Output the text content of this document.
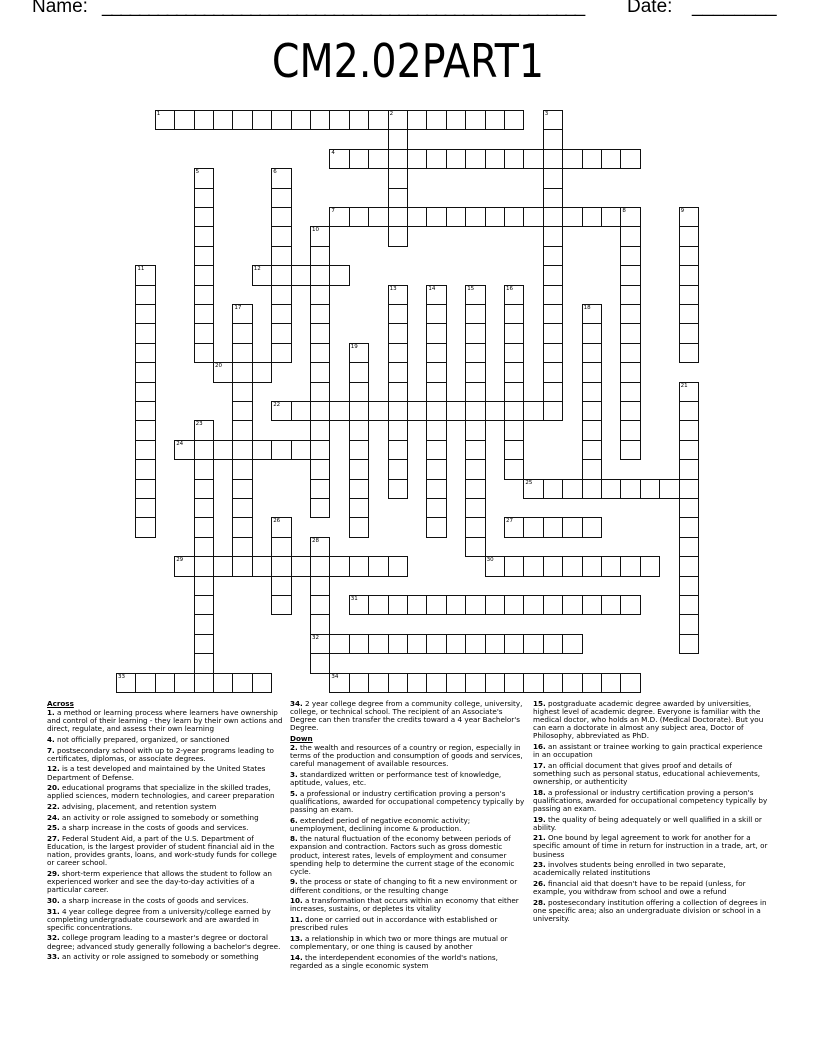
Name: ____________________________________________________ Date: ________
CM2.02PART1
1	2	3
4
5	6
7	8	9
10
11	12
13	14	15	16
17	18
19
20
21
22
23
24
25
26	27
28
32
29	30
31
33	34
Across
1. a method or learning process where learners have ownership and control of their learning - they learn by their own actions and direct, regulate, and assess their own learning
4. not officially prepared, organized, or sanctioned
7. postsecondary school with up to 2-year programs leading to certificates, diplomas, or associate degrees.
12. is a test developed and maintained by the United States Department of Defense.
20. educational programs that specialize in the skilled trades, applied sciences, modern technologies, and career preparation
22. advising, placement, and retention system
24. an activity or role assigned to somebody or something
25. a sharp increase in the costs of goods and services.
27. Federal Student Aid, a part of the U.S. Department of Education, is the largest provider of student financial aid in the nation, provides grants, loans, and work-study funds for college or career school.
29. short-term experience that allows the student to follow an experienced worker and see the day-to-day activities of a particular career.
30. a sharp increase in the costs of goods and services.
31. 4 year college degree from a university/college earned by completing undergraduate coursework and are awarded in specific concentrations.
32. college program leading to a master's degree or doctoral degree; advanced study generally following a bachelor's degree.
33. an activity or role assigned to somebody or something
34. 2 year college degree from a community college, university, college, or technical school. The recipient of an Associate's Degree can then transfer the credits toward a 4 year Bachelor's Degree.
Down
2. the wealth and resources of a country or region, especially in terms of the production and consumption of goods and services, careful management of available resources.
3. standardized written or performance test of knowledge, aptitude, values, etc.
5. a professional or industry certification proving a person's qualifications, awarded for occupational competency typically by passing an exam.
6. extended period of negative economic activity; unemployment, declining income & production.
8. the natural fluctuation of the economy between periods of expansion and contraction. Factors such as gross domestic product, interest rates, levels of employment and consumer spending help to determine the current stage of the economic cycle.
9. the process or state of changing to fit a new environment or different conditions, or the resulting change
10. a transformation that occurs within an economy that either increases, sustains, or depletes its vitality
11. done or carried out in accordance with established or prescribed rules
13. a relationship in which two or more things are mutual or complementary, or one thing is caused by another
14. the interdependent economies of the world's nations, regarded as a single economic system
15. postgraduate academic degree awarded by universities, highest level of academic degree. Everyone is familiar with the medical doctor, who holds an M.D. (Medical Doctorate). But you can earn a doctorate in almost any subject area, Doctor of Philosophy, abbreviated as PhD.
16. an assistant or trainee working to gain practical experience in an occupation
17. an official document that gives proof and details of something such as personal status, educational achievements, ownership, or authenticity
18. a professional or industry certification proving a person's qualifications, awarded for occupational competency typically by passing an exam.
19. the quality of being adequately or well qualified in a skill or ability.
21. One bound by legal agreement to work for another for a specific amount of time in return for instruction in a trade, art, or business
23. involves students being enrolled in two separate, academically related institutions
26. financial aid that doesn't have to be repaid (unless, for example, you withdraw from school and owe a refund
28. postesecondary institution offering a collection of degrees in one specific area; also an undergraduate division or school in a university.
